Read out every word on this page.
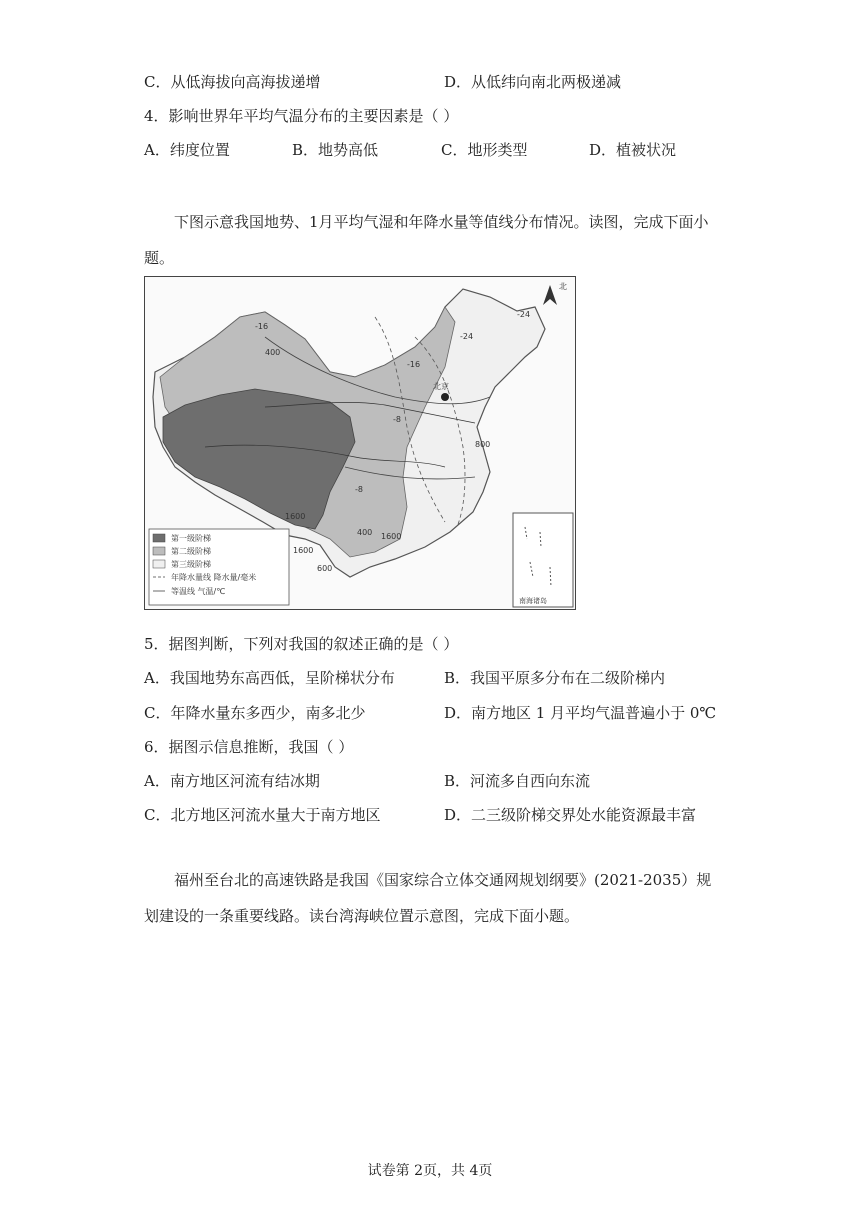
C．从低海拔向高海拔递增	D．从低纬向南北两极递减
4．影响世界年平均气温分布的主要因素是（ ）
A．纬度位置	B．地势高低	C．地形类型	D．植被状况
下图示意我国地势、1月平均气湿和年降水量等值线分布情况。读图，完成下面小题。
第一级阶梯
第二级阶梯
第三级阶梯
年降水量线 降水量/毫米
等温线 气温/℃
北京
北
南海诸岛
-24
-16
-8
-16
400
800
-8
1600
1600
1600
600
400
-24
5．据图判断，下列对我国的叙述正确的是（ ）
A．我国地势东高西低，呈阶梯状分布	B．我国平原多分布在二级阶梯内
C．年降水量东多西少，南多北少	D．南方地区 1 月平均气温普遍小于 0℃
6．据图示信息推断，我国（ ）
A．南方地区河流有结冰期	B．河流多自西向东流
C．北方地区河流水量大于南方地区	D．二三级阶梯交界处水能资源最丰富
福州至台北的高速铁路是我国《国家综合立体交通网规划纲要》(2021-2035）规划建设的一条重要线路。读台湾海峡位置示意图，完成下面小题。
试卷第 2页，共 4页
